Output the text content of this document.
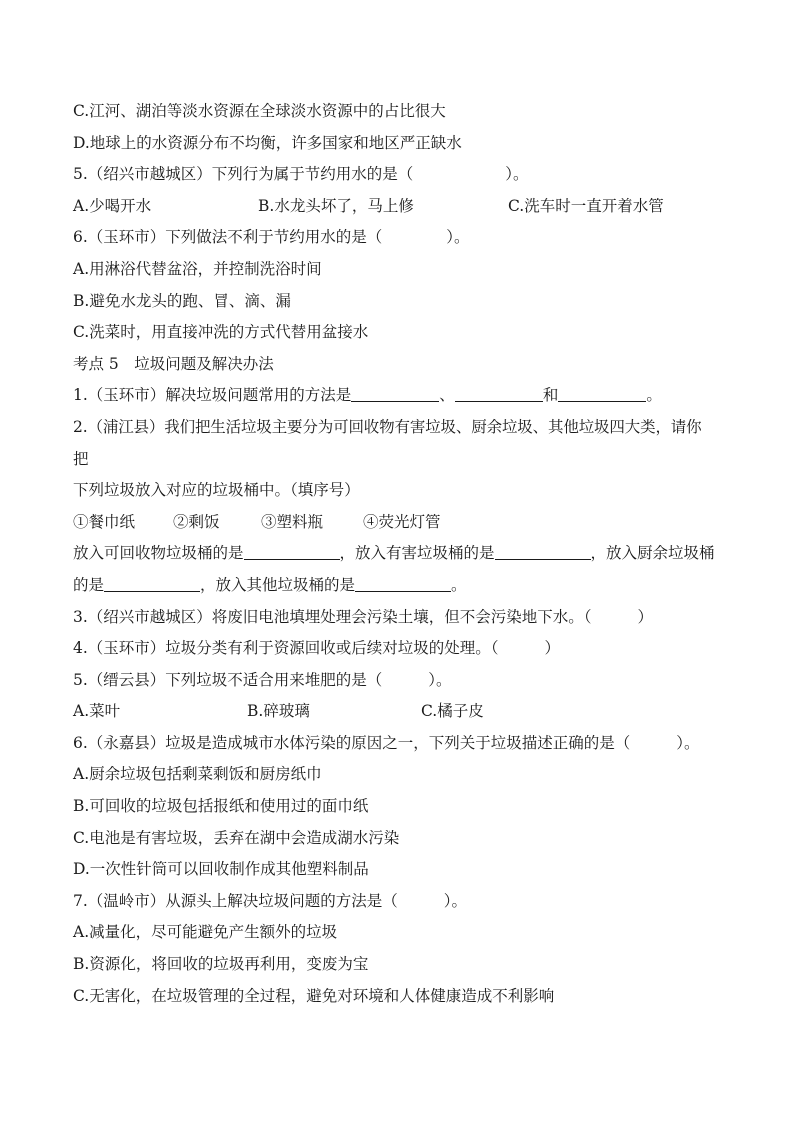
C.江河、湖泊等淡水资源在全球淡水资源中的占比很大
D.地球上的水资源分布不均衡，许多国家和地区严正缺水
5.（绍兴市越城区）下列行为属于节约用水的是（	）。
A.少喝开水	B.水龙头坏了，马上修	C.洗车时一直开着水管
6.（玉环市）下列做法不利于节约用水的是（	）。
A.用淋浴代替盆浴，并控制洗浴时间
B.避免水龙头的跑、冒、滴、漏
C.洗菜时，用直接冲洗的方式代替用盆接水
考点 5　垃圾问题及解决办法
1.（玉环市）解决垃圾问题常用的方法是	、	和	。
2.（浦江县）我们把生活垃圾主要分为可回收物有害垃圾、厨余垃圾、其他垃圾四大类，请你
把
下列垃圾放入对应的垃圾桶中。（填序号）
①餐巾纸 ②剩饭	③塑料瓶	④荧光灯管
放入可回收物垃圾桶的是	，放入有害垃圾桶的是	，放入厨余垃圾桶
的是	，放入其他垃圾桶的是	。
3.（绍兴市越城区）将废旧电池填埋处理会污染土壤，但不会污染地下水。（	）
4.（玉环市）垃圾分类有利于资源回收或后续对垃圾的处理。（	）
5.（缙云县）下列垃圾不适合用来堆肥的是（	）。
A.菜叶	B.碎玻璃	C.橘子皮
6.（永嘉县）垃圾是造成城市水体污染的原因之一，下列关于垃圾描述正确的是（	）。
A.厨余垃圾包括剩菜剩饭和厨房纸巾
B.可回收的垃圾包括报纸和使用过的面巾纸
C.电池是有害垃圾，丢弃在湖中会造成湖水污染
D.一次性针筒可以回收制作成其他塑料制品
7.（温岭市）从源头上解决垃圾问题的方法是（	）。
A.减量化，尽可能避免产生额外的垃圾
B.资源化，将回收的垃圾再利用，变废为宝
C.无害化，在垃圾管理的全过程，避免对环境和人体健康造成不利影响
